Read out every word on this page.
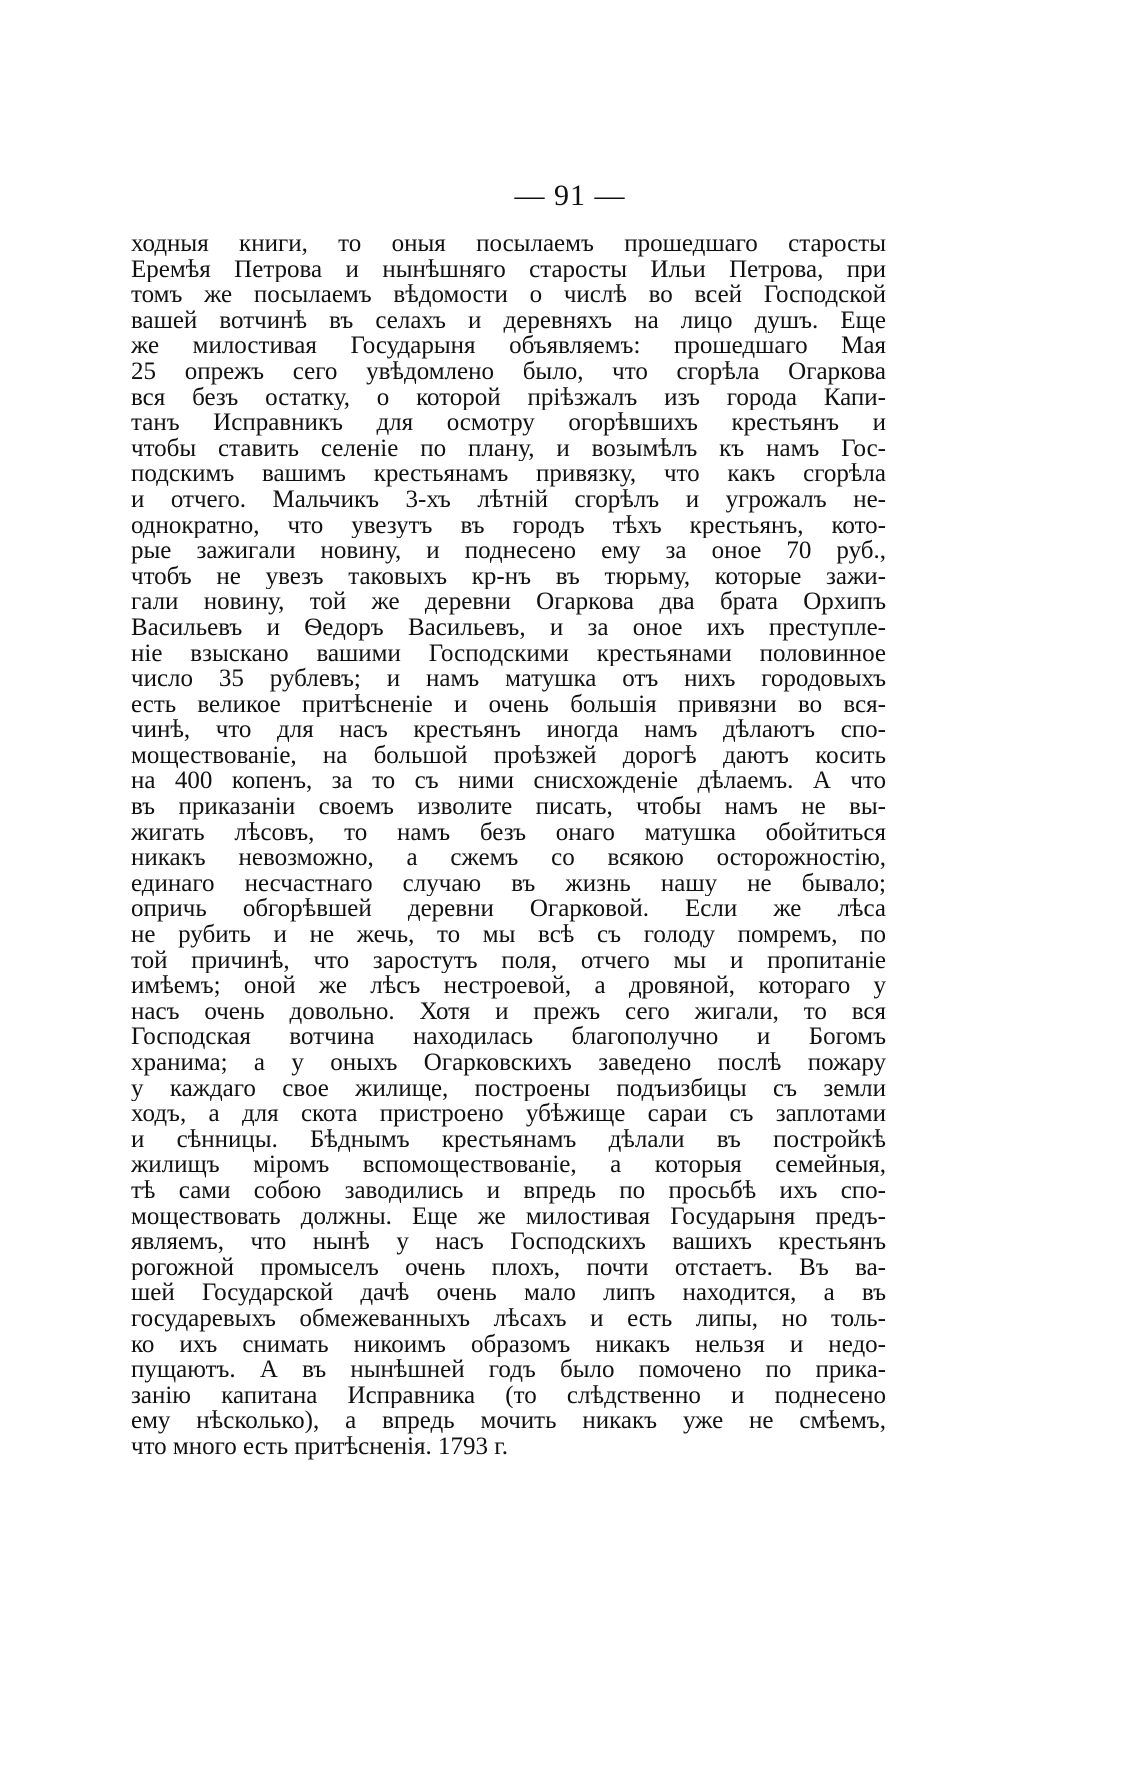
— 91 —
ходныя книги, то оныя посылаемъ прошедшаго старосты
Еремѣя Петрова и нынѣшняго старосты Ильи Петрова, при
томъ же посылаемъ вѣдомости о числѣ во всей Господской
вашей вотчинѣ въ селахъ и деревняхъ на лицо душъ. Еще
же милостивая Государыня объявляемъ: прошедшаго Мая
25 опрежъ сего увѣдомлено было, что сгорѣла Огаркова
вся безъ остатку, о которой прiѣзжалъ изъ города Капи-
танъ Исправникъ для осмотру огорѣвшихъ крестьянъ и
чтобы ставить селенiе по плану, и возымѣлъ къ намъ Гос-
подскимъ вашимъ крестьянамъ привязку, что какъ сгорѣла
и отчего. Мальчикъ 3-хъ лѣтнiй сгорѣлъ и угрожалъ не-
однократно, что увезутъ въ городъ тѣхъ крестьянъ, кото-
рые зажигали новину, и поднесено ему за оное 70 руб.,
чтобъ не увезъ таковыхъ кр-нъ въ тюрьму, которые зажи-
гали новину, той же деревни Огаркова два брата Орхипъ
Васильевъ и Ѳедоръ Васильевъ, и за оное ихъ преступле-
нiе взыскано вашими Господскими крестьянами половинное
число 35 рублевъ; и намъ матушка отъ нихъ городовыхъ
есть великое притѣсненiе и очень большiя привязни во вся-
чинѣ, что для насъ крестьянъ иногда намъ дѣлаютъ спо-
моществованiе, на большой проѣзжей дорогѣ даютъ косить
на 400 копенъ, за то съ ними снисхожденiе дѣлаемъ. А что
въ приказанiи своемъ изволите писать, чтобы намъ не вы-
жигать лѣсовъ, то намъ безъ онаго матушка обойтиться
никакъ невозможно, а сжемъ со всякою осторожностiю,
единаго несчастнаго случаю въ жизнь нашу не бывало;
опричь обгорѣвшей деревни Огарковой. Если же лѣса
не рубить и не жечь, то мы всѣ съ голоду помремъ, по
той причинѣ, что заростутъ поля, отчего мы и пропитанiе
имѣемъ; оной же лѣсъ нестроевой, а дровяной, котораго у
насъ очень довольно. Хотя и прежъ сего жигали, то вся
Господская вотчина находилась благополучно и Богомъ
хранима; а у оныхъ Огарковскихъ заведено послѣ пожару
у каждаго свое жилище, построены подъизбицы съ земли
ходъ, а для скота пристроено убѣжище сараи съ заплотами
и сѣнницы. Бѣднымъ крестьянамъ дѣлали въ постройкѣ
жилищъ мiромъ вспомоществованiе, а которыя семейныя,
тѣ сами собою заводились и впредь по просьбѣ ихъ спо-
моществовать должны. Еще же милостивая Государыня предъ-
являемъ, что нынѣ у насъ Господскихъ вашихъ крестьянъ
рогожной промыселъ очень плохъ, почти отстаетъ. Въ ва-
шей Государской дачѣ очень мало липъ находится, а въ
государевыхъ обмежеванныхъ лѣсахъ и есть липы, но толь-
ко ихъ снимать никоимъ образомъ никакъ нельзя и недо-
пущаютъ. А въ нынѣшней годъ было помочено по прика-
занiю капитана Исправника (то слѣдственно и поднесено
ему нѣсколько), а впредь мочить никакъ уже не смѣемъ,
что много есть притѣсненiя. 1793 г.
